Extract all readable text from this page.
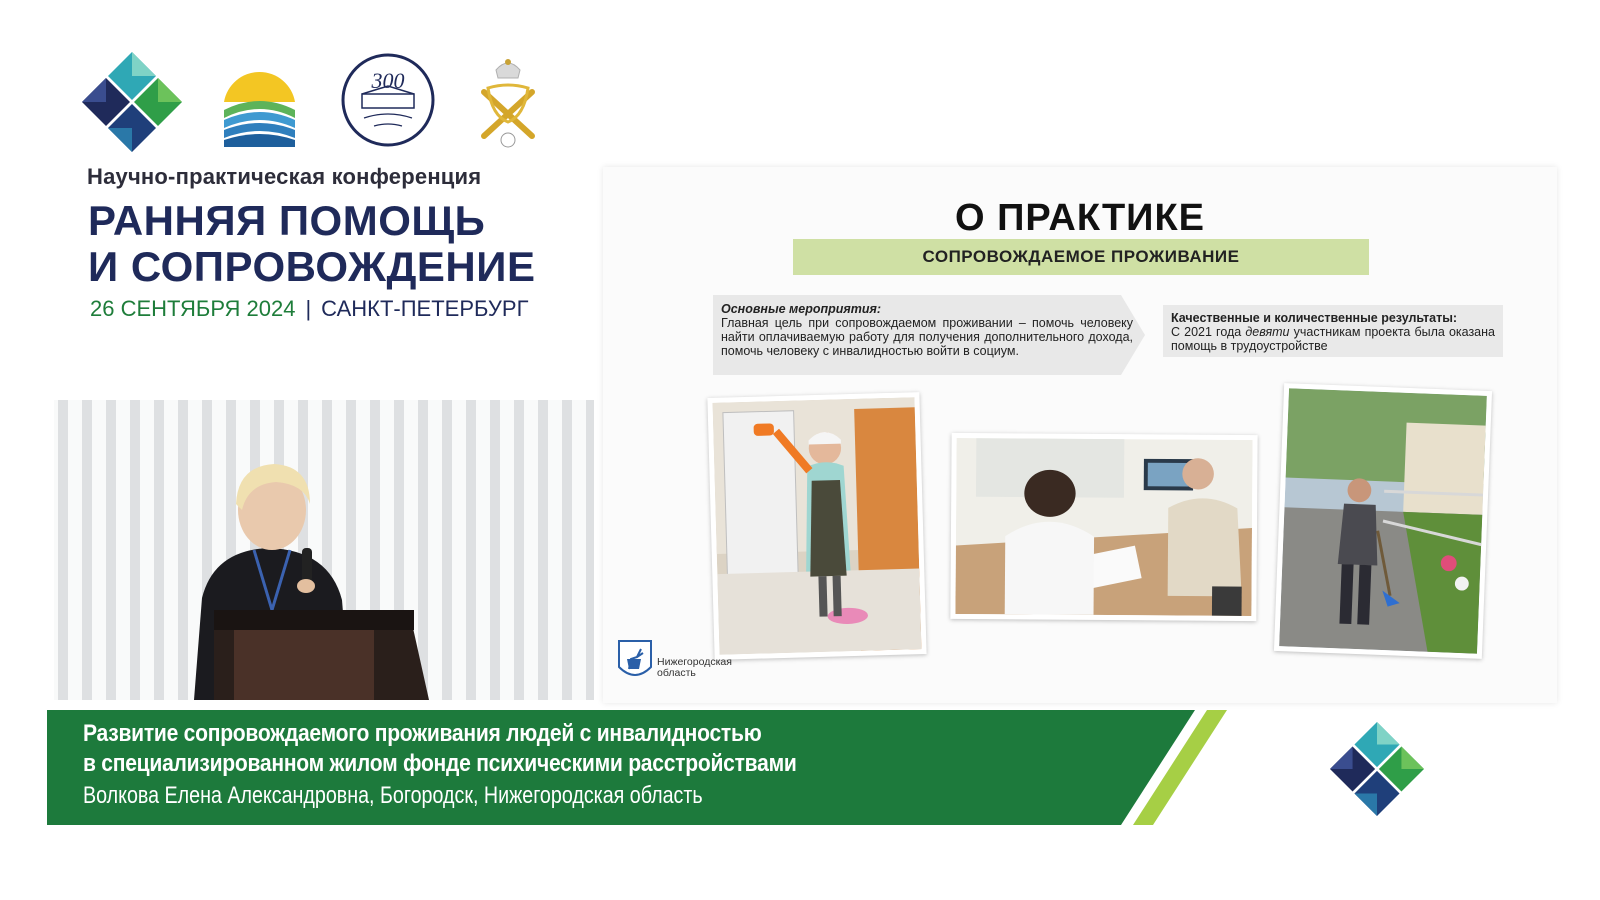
300
Научно-практическая конференция
РАННЯЯ ПОМОЩЬ
И СОПРОВОЖДЕНИЕ
26 СЕНТЯБРЯ 2024 | САНКТ-ПЕТЕРБУРГ
О ПРАКТИКЕ
СОПРОВОЖДАЕМОЕ ПРОЖИВАНИЕ
Основные мероприятия:
Главная цель при сопровождаемом проживании – помочь человеку найти оплачиваемую работу для получения дополнительного дохода, помочь человеку с инвалидностью войти в социум.
Качественные и количественные результаты:
С 2021 года девяти участникам проекта была оказана помощь в трудоустройстве
Нижегородская
область
Развитие сопровождаемого проживания людей с инвалидностью
в специализированном жилом фонде психическими расстройствами
Волкова Елена Александровна, Богородск, Нижегородская область
